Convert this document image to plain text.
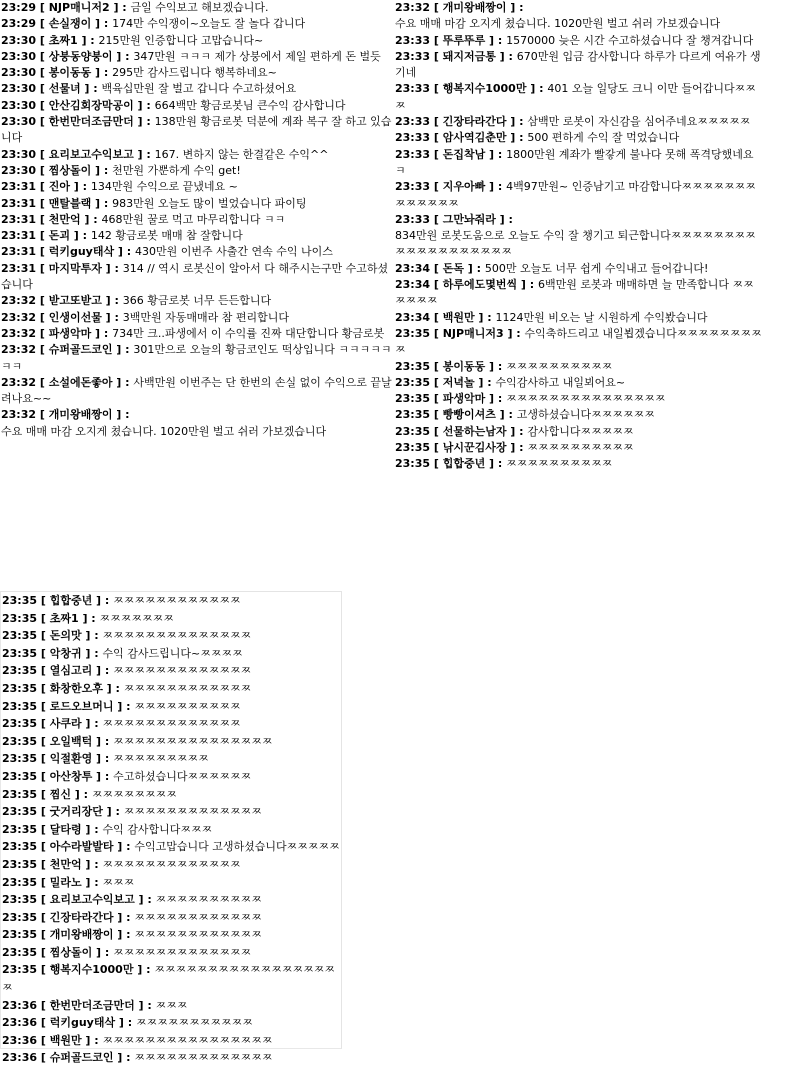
23:29 [ NJP매니저2 ] : 금일 수익보고 해보겠습니다.
23:29 [ 손실쟁이 ] : 174만 수익쟁이~오늘도 잘 놀다 갑니다
23:30 [ 초짜1 ] : 215만원 인증합니다 고맙습니다~
23:30 [ 상붕동양붕이 ] : 347만원 ㅋㅋㅋ 제가 상붕에서 제일 편하게 돈 벌듯
23:30 [ 봉이동동 ] : 295만 감사드립니다 행복하네요~
23:30 [ 선물녀 ] : 백육십만원 잘 벌고 갑니다 수고하셨어요
23:30 [ 안산김회장막공이 ] : 664백만 황금로봇님 큰수익 감사합니다
23:30 [ 한번만더조금만더 ] : 138만원 황금로봇 덕분에 계좌 복구 잘 하고 있습니다
23:30 [ 요리보고수익보고 ] : 167. 변하지 않는 한결같은 수익^^
23:30 [ 찜상돌이 ] : 천만원 가뿐하게 수익 get!
23:31 [ 진아 ] : 134만원 수익으로 끝냈네요 ~
23:31 [ 맨탈블랙 ] : 983만원 오늘도 많이 벌었습니다 파이팅
23:31 [ 천만억 ] : 468만원 꿀로 먹고 마무리합니다 ㅋㅋ
23:31 [ 돈괴 ] : 142 황금로봇 매매 참 잘합니다
23:31 [ 럭키guy태삭 ] : 430만원 이번주 사출간 연속 수익 나이스
23:31 [ 마지막투자 ] : 314 // 역시 로봇신이 알아서 다 해주시는구만 수고하셨습니다
23:32 [ 받고또받고 ] : 366 황금로봇 너무 든든합니다
23:32 [ 인생이선물 ] : 3백만원 자동매매라 참 편리합니다
23:32 [ 파생악마 ] : 734만 크..파생에서 이 수익률 진짜 대단합니다 황금로봇
23:32 [ 슈퍼골드코인 ] : 301만으로 오늘의 황금코인도 떡상입니다 ㅋㅋㅋㅋㅋㅋㅋ
23:32 [ 소설에돈좋아 ] : 사백만원 이번주는 단 한번의 손실 없이 수익으로 끝날려나요~~
23:32 [ 개미왕배짱이 ] :
수요 매매 마감 오지게 쳤습니다. 1020만원 벌고 쉬러 가보겠습니다
23:32 [ 개미왕배짱이 ] :
수요 매매 마감 오지게 쳤습니다. 1020만원 벌고 쉬러 가보겠습니다
23:33 [ 뚜루뚜루 ] : 1570000 늦은 시간 수고하셨습니다 잘 챙겨갑니다
23:33 [ 돼지저금통 ] : 670만원 입금 감사합니다 하루가 다르게 여유가 생기네
23:33 [ 행복지수1000만 ] : 401 오늘 일당도 크니 이만 들어갑니다ㅉㅉㅉ
23:33 [ 긴장타라간다 ] : 삼백만 로봇이 자신감을 심어주네요ㅉㅉㅉㅉㅉ
23:33 [ 암사역김춘만 ] : 500 편하게 수익 잘 먹었습니다
23:33 [ 돈집착남 ] : 1800만원 계좌가 빨갛게 불나다 못해 폭격당했네요ㅋ
23:33 [ 지우아빠 ] : 4백97만원~ 인증남기고 마감합니다ㅉㅉㅉㅉㅉㅉㅉㅉㅉㅉㅉㅉㅉ
23:33 [ 그만놔줘라 ] :
834만원 로봇도움으로 오늘도 수익 잘 챙기고 퇴근합니다ㅉㅉㅉㅉㅉㅉㅉㅉㅉㅉㅉㅉㅉㅉㅉㅉㅉㅉㅉ
23:34 [ 돈독 ] : 500만 오늘도 너무 쉽게 수익내고 들어갑니다!
23:34 [ 하루에도몇번씩 ] : 6백만원 로봇과 매매하면 늘 만족합니다 ㅉㅉㅉㅉㅉㅉ
23:34 [ 백원만 ] : 1124만원 비오는 날 시원하게 수익봤습니다
23:35 [ NJP매니저3 ] : 수익축하드리고 내일뵙겠습니다ㅉㅉㅉㅉㅉㅉㅉㅉㅉ
23:35 [ 봉이동동 ] : ㅉㅉㅉㅉㅉㅉㅉㅉㅉㅉ
23:35 [ 저녁놀 ] : 수익감사하고 내일뵈어요~
23:35 [ 파생악마 ] : ㅉㅉㅉㅉㅉㅉㅉㅉㅉㅉㅉㅉㅉㅉㅉ
23:35 [ 빵빵이셔츠 ] : 고생하셨습니다ㅉㅉㅉㅉㅉㅉ
23:35 [ 선물하는남자 ] : 감사합니다ㅉㅉㅉㅉㅉ
23:35 [ 낚시꾼김사장 ] : ㅉㅉㅉㅉㅉㅉㅉㅉㅉㅉ
23:35 [ 힙합중년 ] : ㅉㅉㅉㅉㅉㅉㅉㅉㅉㅉ
23:35 [ 힙합중년 ] : ㅉㅉㅉㅉㅉㅉㅉㅉㅉㅉㅉㅉ
23:35 [ 초짜1 ] : ㅉㅉㅉㅉㅉㅉㅉ
23:35 [ 돈의맛 ] : ㅉㅉㅉㅉㅉㅉㅉㅉㅉㅉㅉㅉㅉㅉ
23:35 [ 악창귀 ] : 수익 감사드립니다~ㅉㅉㅉㅉ
23:35 [ 열심고리 ] : ㅉㅉㅉㅉㅉㅉㅉㅉㅉㅉㅉㅉㅉ
23:35 [ 화창한오후 ] : ㅉㅉㅉㅉㅉㅉㅉㅉㅉㅉㅉㅉ
23:35 [ 로드오브머니 ] : ㅉㅉㅉㅉㅉㅉㅉㅉㅉㅉ
23:35 [ 사쿠라 ] : ㅉㅉㅉㅉㅉㅉㅉㅉㅉㅉㅉㅉㅉ
23:35 [ 오일백턱 ] : ㅉㅉㅉㅉㅉㅉㅉㅉㅉㅉㅉㅉㅉㅉㅉ
23:35 [ 익절환영 ] : ㅉㅉㅉㅉㅉㅉㅉㅉㅉ
23:35 [ 아산창투 ] : 수고하셨습니다ㅉㅉㅉㅉㅉㅉ
23:35 [ 찜신 ] : ㅉㅉㅉㅉㅉㅉㅉㅉ
23:35 [ 굿거리장단 ] : ㅉㅉㅉㅉㅉㅉㅉㅉㅉㅉㅉㅉㅉ
23:35 [ 달타령 ] : 수익 감사합니다ㅉㅉㅉ
23:35 [ 아수라발발타 ] : 수익고맙습니다 고생하셨습니다ㅉㅉㅉㅉㅉ
23:35 [ 천만억 ] : ㅉㅉㅉㅉㅉㅉㅉㅉㅉㅉㅉㅉㅉ
23:35 [ 밀라노 ] : ㅉㅉㅉ
23:35 [ 요리보고수익보고 ] : ㅉㅉㅉㅉㅉㅉㅉㅉㅉㅉ
23:35 [ 긴장타라간다 ] : ㅉㅉㅉㅉㅉㅉㅉㅉㅉㅉㅉㅉ
23:35 [ 개미왕배짱이 ] : ㅉㅉㅉㅉㅉㅉㅉㅉㅉㅉㅉㅉ
23:35 [ 찜상돌이 ] : ㅉㅉㅉㅉㅉㅉㅉㅉㅉㅉㅉㅉㅉ
23:35 [ 행복지수1000만 ] : ㅉㅉㅉㅉㅉㅉㅉㅉㅉㅉㅉㅉㅉㅉㅉㅉㅉㅉ
23:36 [ 한번만더조금만더 ] : ㅉㅉㅉ
23:36 [ 럭키guy태삭 ] : ㅉㅉㅉㅉㅉㅉㅉㅉㅉㅉㅉ
23:36 [ 백원만 ] : ㅉㅉㅉㅉㅉㅉㅉㅉㅉㅉㅉㅉㅉㅉㅉㅉ
23:36 [ 슈퍼골드코인 ] : ㅉㅉㅉㅉㅉㅉㅉㅉㅉㅉㅉㅉㅉ
